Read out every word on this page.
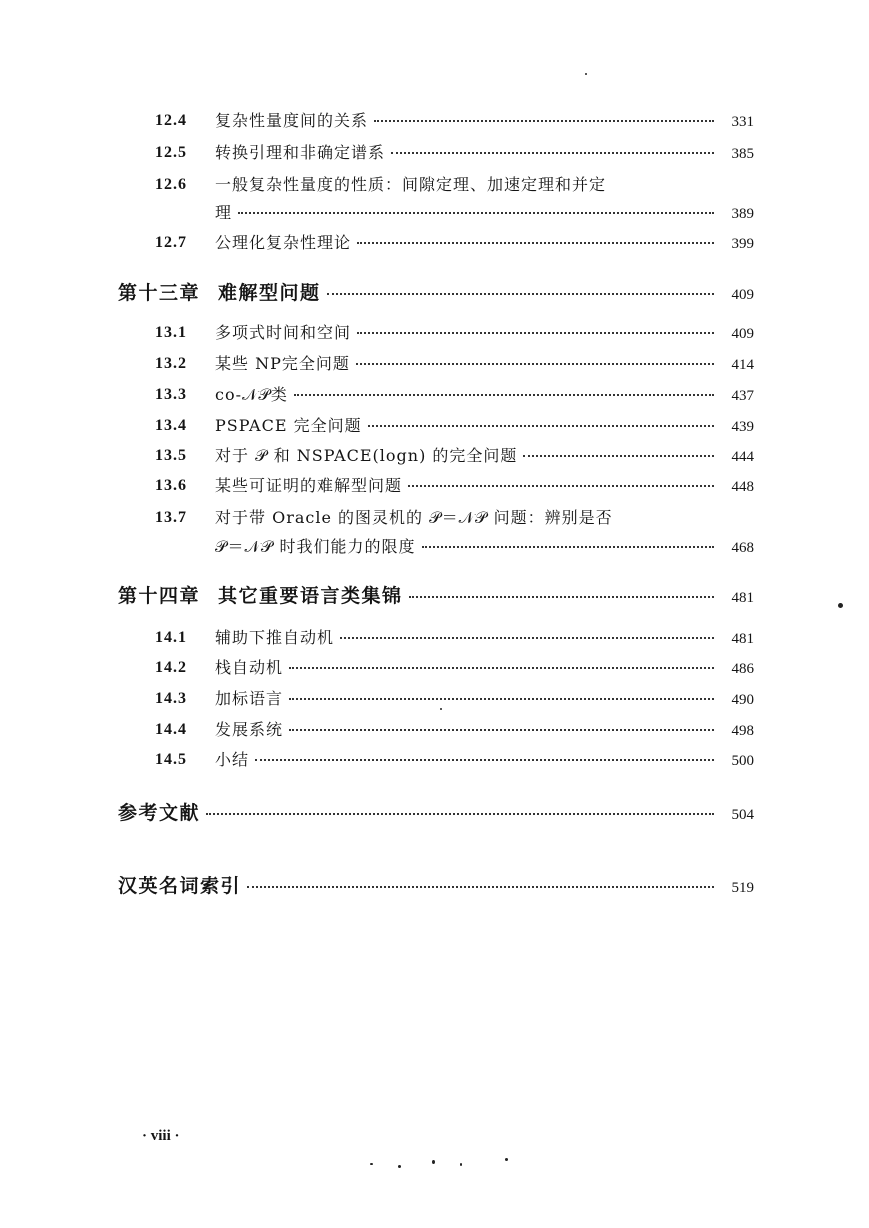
12.4 复杂性量度间的关系	331
12.5 转换引理和非确定谱系	385
12.6 一般复杂性量度的性质：间隙定理、加速定理和并定
理	389
12.7 公理化复杂性理论	399
第十三章 难解型问题	409
13.1 多项式时间和空间	409
13.2 某些 NP完全问题	414
13.3 co-𝒩𝒫类	437
13.4 PSPACE 完全问题	439
13.5 对于 𝒫 和 NSPACE(logn) 的完全问题	444
13.6 某些可证明的难解型问题	448
13.7 对于带 Oracle 的图灵机的 𝒫＝𝒩𝒫 问题：辨别是否
𝒫＝𝒩𝒫 时我们能力的限度	468
第十四章 其它重要语言类集锦	481
14.1 辅助下推自动机	481
14.2 栈自动机	486
14.3 加标语言	490
14.4 发展系统	498
14.5 小结	500
参考文献	504
汉英名词索引	519
· viii ·
